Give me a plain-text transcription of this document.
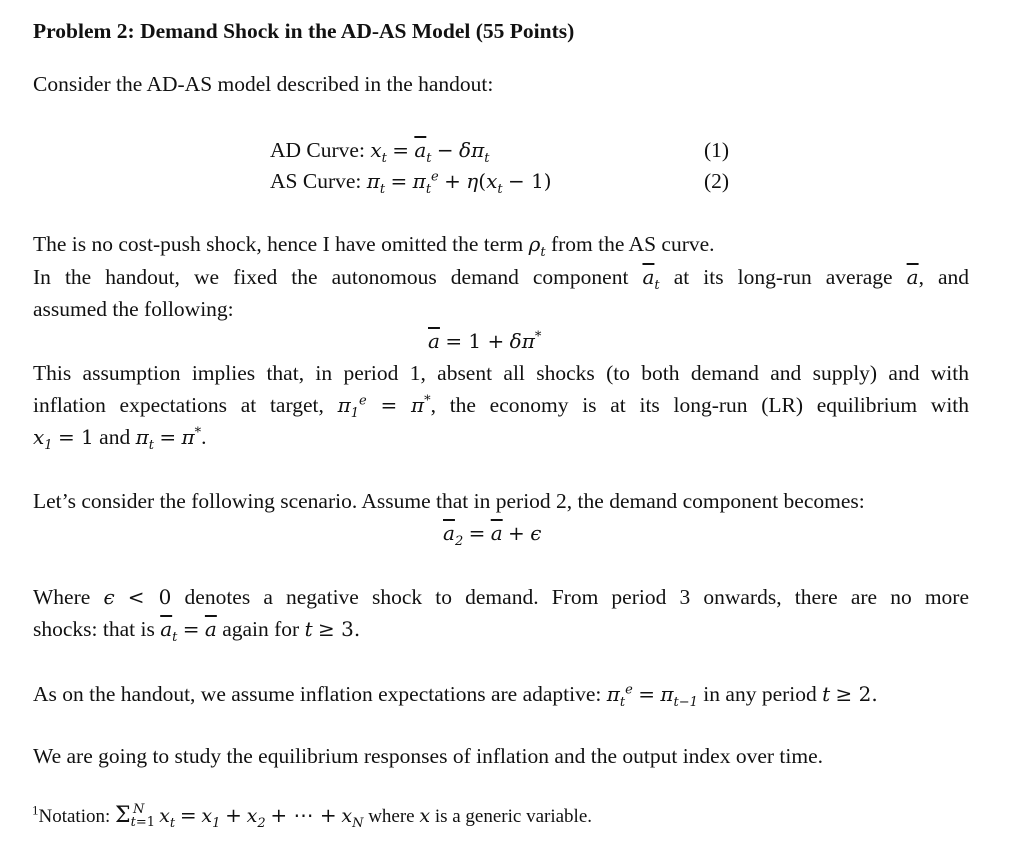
Problem 2: Demand Shock in the AD-AS Model (55 Points)
Consider the AD-AS model described in the handout:
AD Curve: $x_t = \overline{a}_t - \delta\pi_t$	(1)
AS Curve: $\pi_t = \pi_t^e + \eta(x_t - 1)$	(2)
The is no cost-push shock, hence I have omitted the term $\rho_t$ from the AS curve.
In the handout, we fixed the autonomous demand component $\overline{a}_t$ at its long-run average $\overline{a}$, and
assumed the following:
$\overline{a} = 1 + \delta\pi^*$
This assumption implies that, in period 1, absent all shocks (to both demand and supply) and with
inflation expectations at target, $\pi_1^e = \pi^*$, the economy is at its long-run (LR) equilibrium with
$x_1 = 1$ and $\pi_t = \pi^*$.
Let’s consider the following scenario. Assume that in period 2, the demand component becomes:
$\overline{a}_2 = \overline{a} + \epsilon$
Where ϵ < 0 denotes a negative shock to demand. From period 3 onwards, there are no more
shocks: that is $\overline{a}_t = \overline{a}$ again for t ≥ 3.
As on the handout, we assume inflation expectations are adaptive: $\pi_t^e = \pi_{t-1}$ in any period t ≥ 2.
We are going to study the equilibrium responses of inflation and the output index over time.
$^1$Notation: $\Sigma_{t=1}^N$ $x_t = x_1 + x_2$ + ⋯ + $x_N$ where x is a generic variable.
